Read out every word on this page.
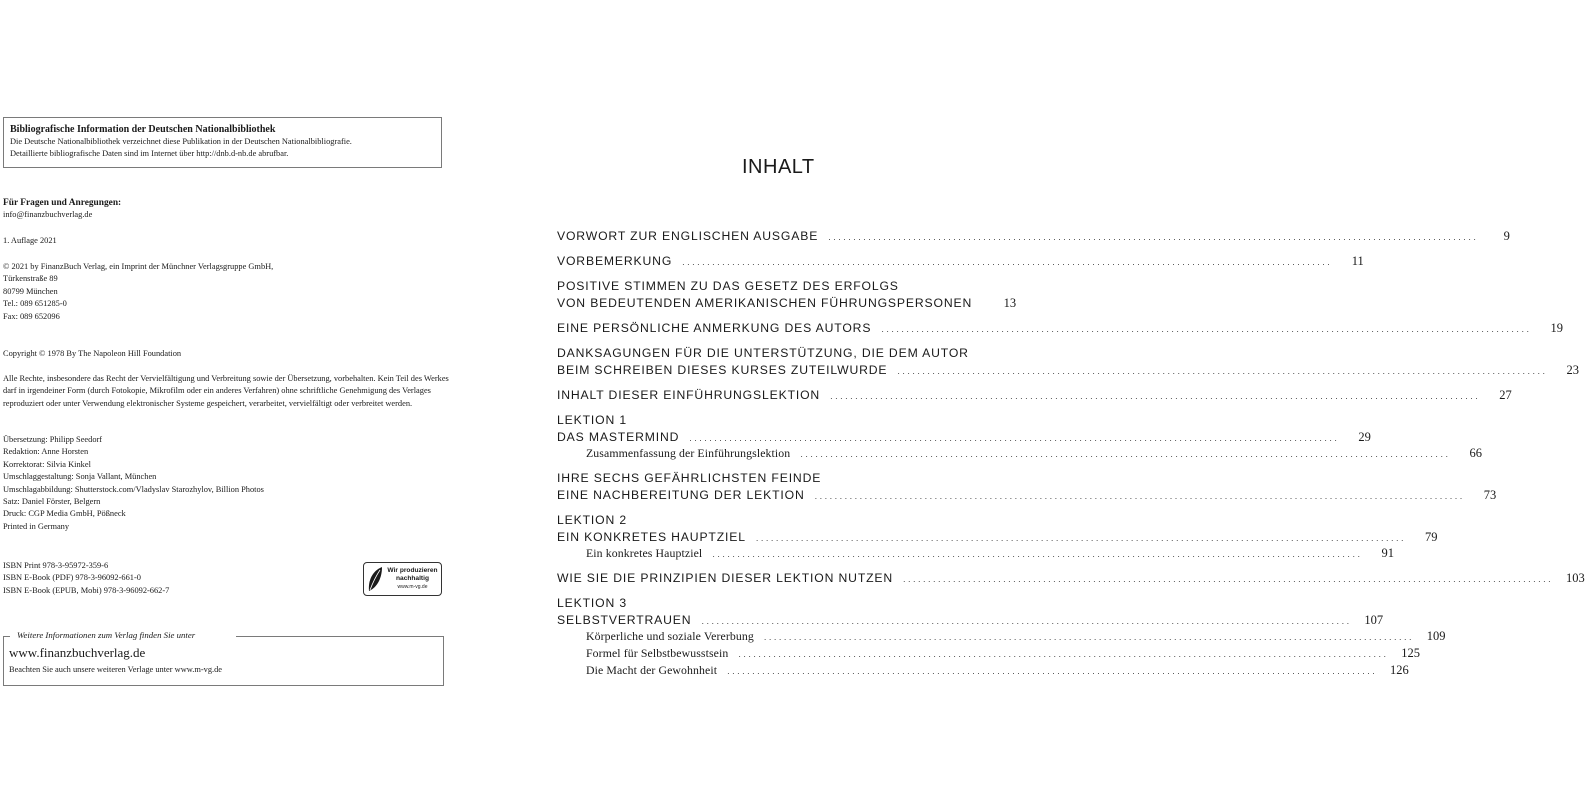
Bibliografische Information der Deutschen Nationalbibliothek
Die Deutsche Nationalbibliothek verzeichnet diese Publikation in der Deutschen Nationalbibliografie.
Detaillierte bibliografische Daten sind im Internet über http://dnb.d-nb.de abrufbar.
Für Fragen und Anregungen:
info@finanzbuchverlag.de
1. Auflage 2021
© 2021 by FinanzBuch Verlag, ein Imprint der Münchner Verlagsgruppe GmbH,
Türkenstraße 89
80799 München
Tel.: 089 651285-0
Fax: 089 652096
Copyright © 1978 By The Napoleon Hill Foundation
Alle Rechte, insbesondere das Recht der Vervielfältigung und Verbreitung sowie der Übersetzung, vorbehalten. Kein Teil des Werkes darf in irgendeiner Form (durch Fotokopie, Mikrofilm oder ein anderes Verfahren) ohne schriftliche Genehmigung des Verlages reproduziert oder unter Verwendung elektronischer Systeme gespeichert, verarbeitet, vervielfältigt oder verbreitet werden.
Übersetzung: Philipp Seedorf
Redaktion: Anne Horsten
Korrektorat: Silvia Kinkel
Umschlaggestaltung: Sonja Vallant, München
Umschlagabbildung: Shutterstock.com/Vladyslav Starozhylov, Billion Photos
Satz: Daniel Förster, Belgern
Druck: CGP Media GmbH, Pößneck
Printed in Germany
ISBN Print 978-3-95972-359-6
ISBN E-Book (PDF) 978-3-96092-661-0
ISBN E-Book (EPUB, Mobi) 978-3-96092-662-7
Wir produzieren
nachhaltig
www.m-vg.de
Weitere Informationen zum Verlag finden Sie unter
www.finanzbuchverlag.de
Beachten Sie auch unsere weiteren Verlage unter www.m-vg.de
INHALT
VORWORT ZUR ENGLISCHEN AUSGABE . . .	9
VORBEMERKUNG . . .	11
POSITIVE STIMMEN ZU DAS GESETZ DES ERFOLGS
VON BEDEUTENDEN AMERIKANISCHEN FÜHRUNGSPERSONEN	13
EINE PERSÖNLICHE ANMERKUNG DES AUTORS . . .	19
DANKSAGUNGEN FÜR DIE UNTERSTÜTZUNG, DIE DEM AUTOR
BEIM SCHREIBEN DIESES KURSES ZUTEILWURDE . . .	23
INHALT DIESER EINFÜHRUNGSLEKTION . . .	27
LEKTION 1
DAS MASTERMIND . . .	29
Zusammenfassung der Einführungslektion . . .	66
IHRE SECHS GEFÄHRLICHSTEN FEINDE
EINE NACHBEREITUNG DER LEKTION . . .	73
LEKTION 2
EIN KONKRETES HAUPTZIEL . . .	79
Ein konkretes Hauptziel . . .	91
WIE SIE DIE PRINZIPIEN DIESER LEKTION NUTZEN . . .	103
LEKTION 3
SELBSTVERTRAUEN . . .	107
Körperliche und soziale Vererbung . . .	109
Formel für Selbstbewusstsein . . .	125
Die Macht der Gewohnheit . . .	126
